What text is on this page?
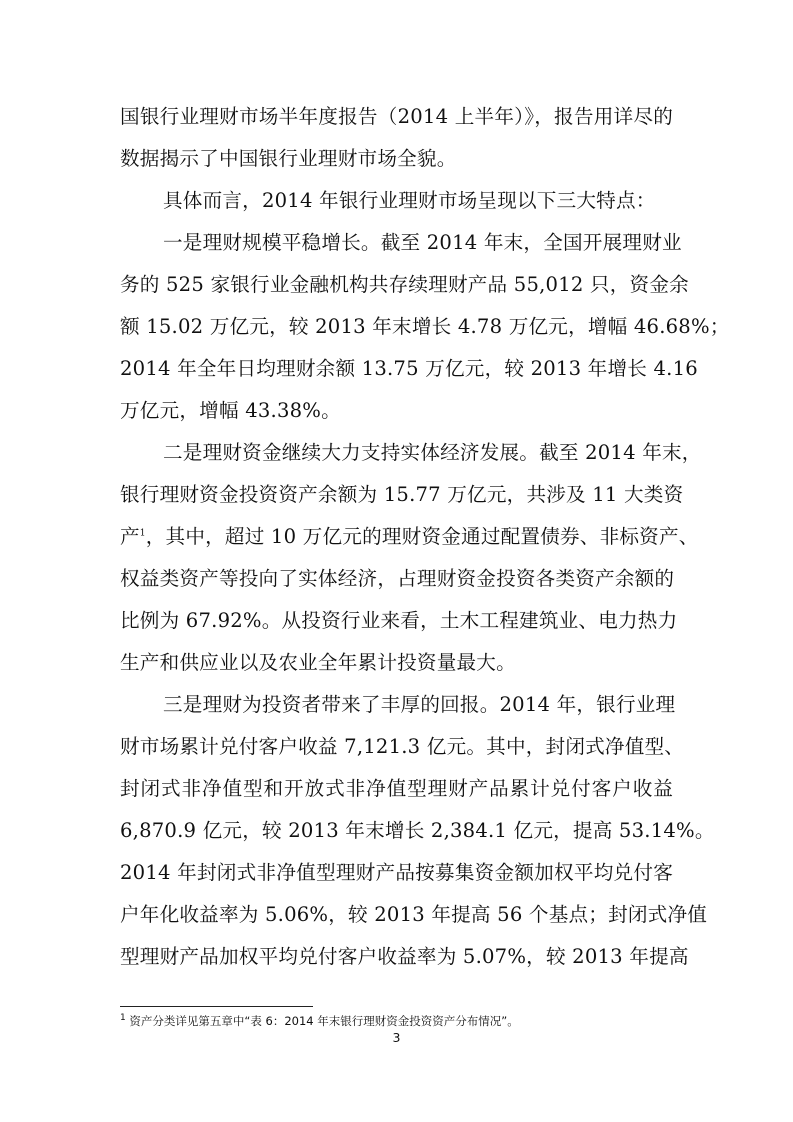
国银行业理财市场半年度报告（2014 上半年）》，报告用详尽的
数据揭示了中国银行业理财市场全貌。
具体而言，2014 年银行业理财市场呈现以下三大特点：
一是理财规模平稳增长。截至 2014 年末，全国开展理财业
务的 525 家银行业金融机构共存续理财产品 55,012 只，资金余
额 15.02 万亿元，较 2013 年末增长 4.78 万亿元，增幅 46.68%；
2014 年全年日均理财余额 13.75 万亿元，较 2013 年增长 4.16
万亿元，增幅 43.38%。
二是理财资金继续大力支持实体经济发展。截至 2014 年末，
银行理财资金投资资产余额为 15.77 万亿元，共涉及 11 大类资
产$^1$，其中，超过 10 万亿元的理财资金通过配置债券、非标资产、
权益类资产等投向了实体经济，占理财资金投资各类资产余额的
比例为 67.92%。从投资行业来看，土木工程建筑业、电力热力
生产和供应业以及农业全年累计投资量最大。
三是理财为投资者带来了丰厚的回报。2014 年，银行业理
财市场累计兑付客户收益 7,121.3 亿元。其中，封闭式净值型、
封闭式非净值型和开放式非净值型理财产品累计兑付客户收益
6,870.9 亿元，较 2013 年末增长 2,384.1 亿元，提高 53.14%。
2014 年封闭式非净值型理财产品按募集资金额加权平均兑付客
户年化收益率为 5.06%，较 2013 年提高 56 个基点；封闭式净值
型理财产品加权平均兑付客户收益率为 5.07%，较 2013 年提高
$^1$ 资产分类详见第五章中“表 6：2014 年末银行理财资金投资资产分布情况”。
3
